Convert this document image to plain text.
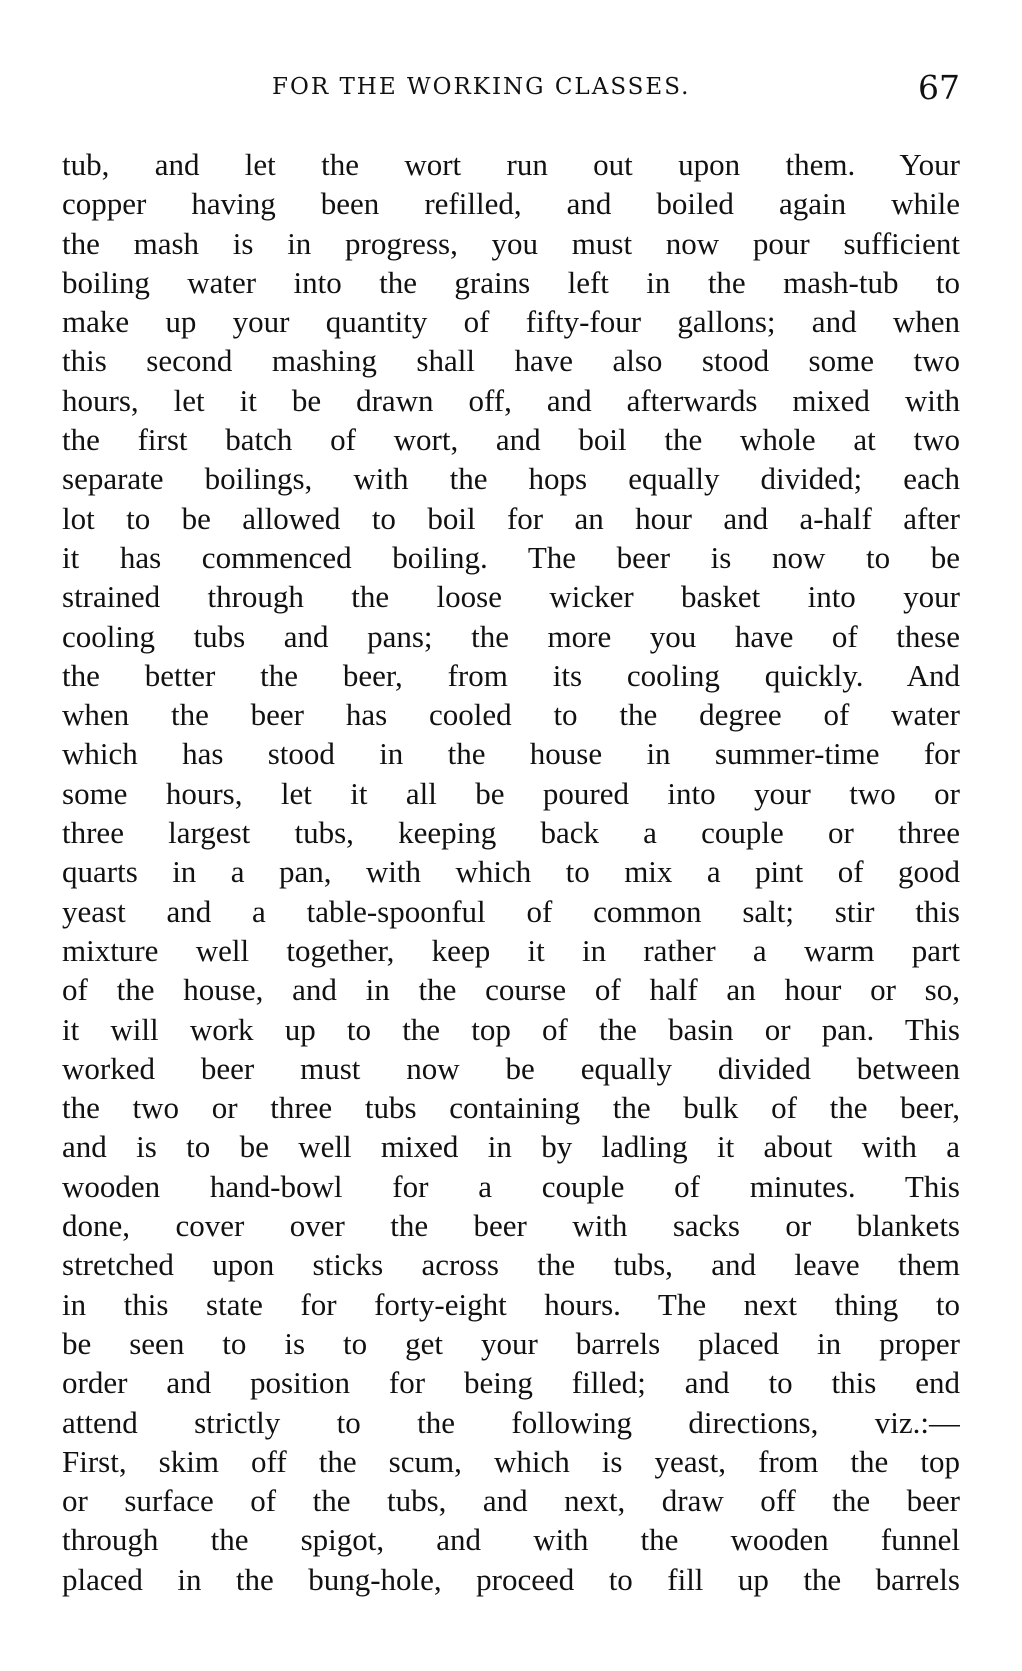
FOR THE WORKING CLASSES.	67
tub, and let the wort run out upon them. Your
copper having been refilled, and boiled again while
the mash is in progress, you must now pour sufficient
boiling water into the grains left in the mash-tub to
make up your quantity of fifty-four gallons; and when
this second mashing shall have also stood some two
hours, let it be drawn off, and afterwards mixed with
the first batch of wort, and boil the whole at two
separate boilings, with the hops equally divided; each
lot to be allowed to boil for an hour and a-half after
it has commenced boiling. The beer is now to be
strained through the loose wicker basket into your
cooling tubs and pans; the more you have of these
the better the beer, from its cooling quickly. And
when the beer has cooled to the degree of water
which has stood in the house in summer-time for
some hours, let it all be poured into your two or
three largest tubs, keeping back a couple or three
quarts in a pan, with which to mix a pint of good
yeast and a table-spoonful of common salt; stir this
mixture well together, keep it in rather a warm part
of the house, and in the course of half an hour or so,
it will work up to the top of the basin or pan. This
worked beer must now be equally divided between
the two or three tubs containing the bulk of the beer,
and is to be well mixed in by ladling it about with a
wooden hand-bowl for a couple of minutes. This
done, cover over the beer with sacks or blankets
stretched upon sticks across the tubs, and leave them
in this state for forty-eight hours. The next thing to
be seen to is to get your barrels placed in proper
order and position for being filled; and to this end
attend strictly to the following directions, viz.:—
First, skim off the scum, which is yeast, from the top
or surface of the tubs, and next, draw off the beer
through the spigot, and with the wooden funnel
placed in the bung-hole, proceed to fill up the barrels
